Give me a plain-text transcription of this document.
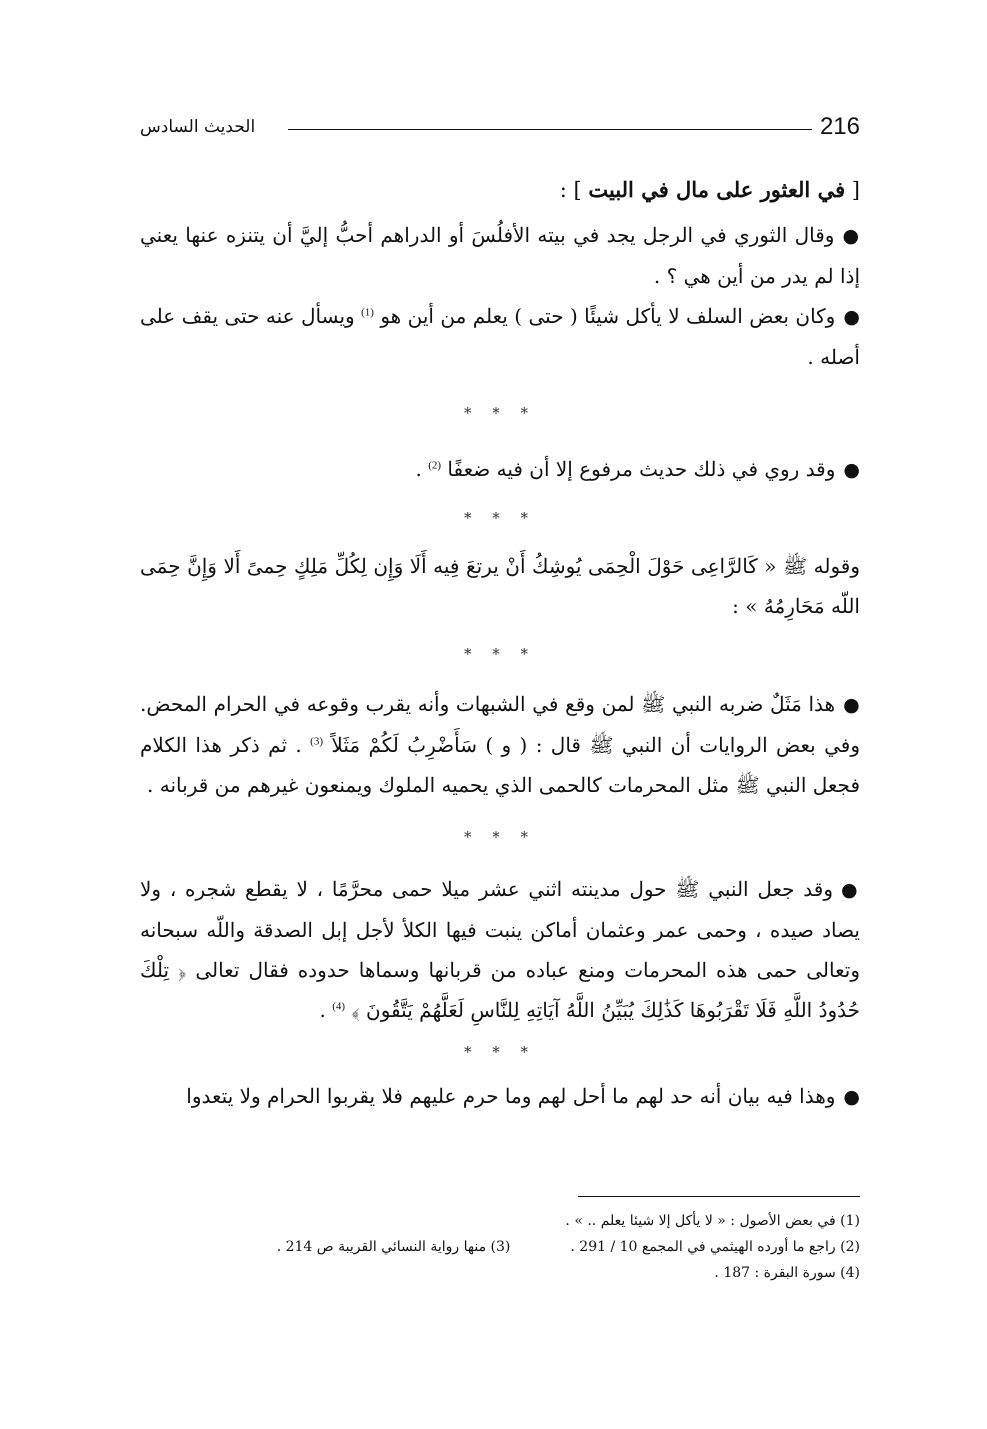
الحديث السادس	216

[ في العثور على مال في البيت ] :

●وقال الثوري في الرجل يجد في بيته الأفلُسَ أو الدراهم أحبُّ إليَّ أن يتنزه عنها يعني إذا لم يدر من أين هي ؟ .

●وكان بعض السلف لا يأكل شيئًا ( حتى ) يعلم من أين هو $^{(1)}$ ويسأل عنه حتى يقف على أصله .

* * *

●وقد روي في ذلك حديث مرفوع إلا أن فيه ضعفًا $^{(2)}$ .

* * *

وقوله ﷺ « كَالرَّاعِى حَوْلَ الْحِمَى يُوشِكُ أَنْ يرتعَ فِيه أَلَا وَإِن لِكُلِّ مَلِكٍ حِمىً أَلا وَإِنَّ حِمَى اللّه مَحَارِمُهُ » :

* * *

●هذا مَثَلٌ ضربه النبي ﷺ لمن وقع في الشبهات وأنه يقرب وقوعه في الحرام المحض. وفي بعض الروايات أن النبي ﷺ قال : ( و ) سَأَضْرِبُ لَكُمْ مَثَلاً $^{(3)}$ . ثم ذكر هذا الكلام فجعل النبي ﷺ مثل المحرمات كالحمى الذي يحميه الملوك ويمنعون غيرهم من قربانه .

* * *

●وقد جعل النبي ﷺ حول مدينته اثني عشر ميلا حمى محرَّمًا ، لا يقطع شجره ، ولا يصاد صيده ، وحمى عمر وعثمان أماكن ينبت فيها الكلأ لأجل إبل الصدقة واللّه سبحانه وتعالى حمى هذه المحرمات ومنع عباده من قربانها وسماها حدوده فقال تعالى ﴿ تِلْكَ حُدُودُ اللَّهِ فَلَا تَقْرَبُوهَا كَذَٰلِكَ يُبَيِّنُ اللَّهُ آيَاتِهِ لِلنَّاسِ لَعَلَّهُمْ يَتَّقُونَ ﴾ $^{(4)}$ .

* * *

●وهذا فيه بيان أنه حد لهم ما أحل لهم وما حرم عليهم فلا يقربوا الحرام ولا يتعدوا

(1) في بعض الأصول : « لا يأكل إلا شيئا يعلم .. » .

(2) راجع ما أورده الهيثمي في المجمع 10 / 291 .

(3) منها رواية النسائي القريبة ص 214 .

(4) سورة البقرة : 187 .
